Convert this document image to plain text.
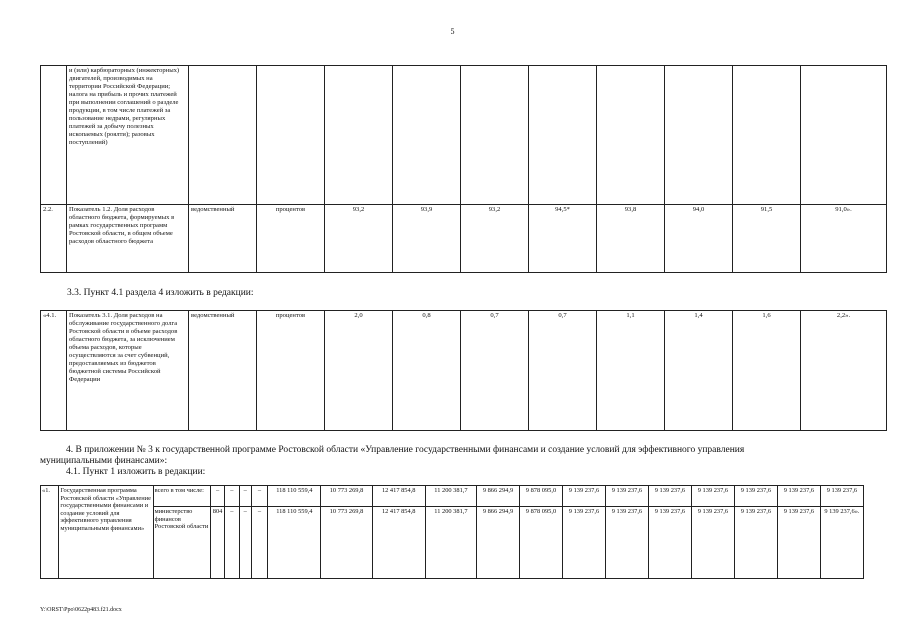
5
	и (или) карбюраторных (инжекторных) двигателей, производимых на территории Российской Федерации; налога на прибыль и прочих платежей при выполнении соглашений о разделе продукции, в том числе платежей за пользование недрами, регулярных платежей за добычу полезных ископаемых (роялти); разовых поступлений)										
2.2.	Показатель 1.2. Доля расходов областного бюджета, формируемых в рамках государственных программ Ростовской области, в общем объеме расходов областного бюджета	ведомственный	процентов	93,2	93,9	93,2	94,5*	93,8	94,0	91,5	91,0».
3.3. Пункт 4.1 раздела 4 изложить в редакции:
«4.1.	Показатель 3.1. Доля расходов на обслуживание государственного долга Ростовской области в объеме расходов областного бюджета, за исключением объема расходов, которые осуществляются за счет субвенций, предоставляемых из бюджетов бюджетной системы Российской Федерации	ведомственный	процентов	2,0	0,8	0,7	0,7	1,1	1,4	1,6	2,2».
4. В приложении № 3 к государственной программе Ростовской области «Управление государственными финансами и создание условий для эффективного управления
муниципальными финансами»:
4.1. Пункт 1 изложить в редакции:
«1.	Государственная программа Ростовской области «Управление государственными финансами и создание условий для эффективного управления муниципальными финансами»	всего в том числе:	–	–	–	–	118 110 559,4	10 773 269,8	12 417 854,8	11 200 381,7	9 866 294,9	9 878 095,0	9 139 237,6	9 139 237,6	9 139 237,6	9 139 237,6	9 139 237,6	9 139 237,6	9 139 237,6
		министерство финансов Ростовской области	804	–	–	–	118 110 559,4	10 773 269,8	12 417 854,8	11 200 381,7	9 866 294,9	9 878 095,0	9 139 237,6	9 139 237,6	9 139 237,6	9 139 237,6	9 139 237,6	9 139 237,6	9 139 237,6».
Y:\ORST\Ppo\0622p483.f21.docx
